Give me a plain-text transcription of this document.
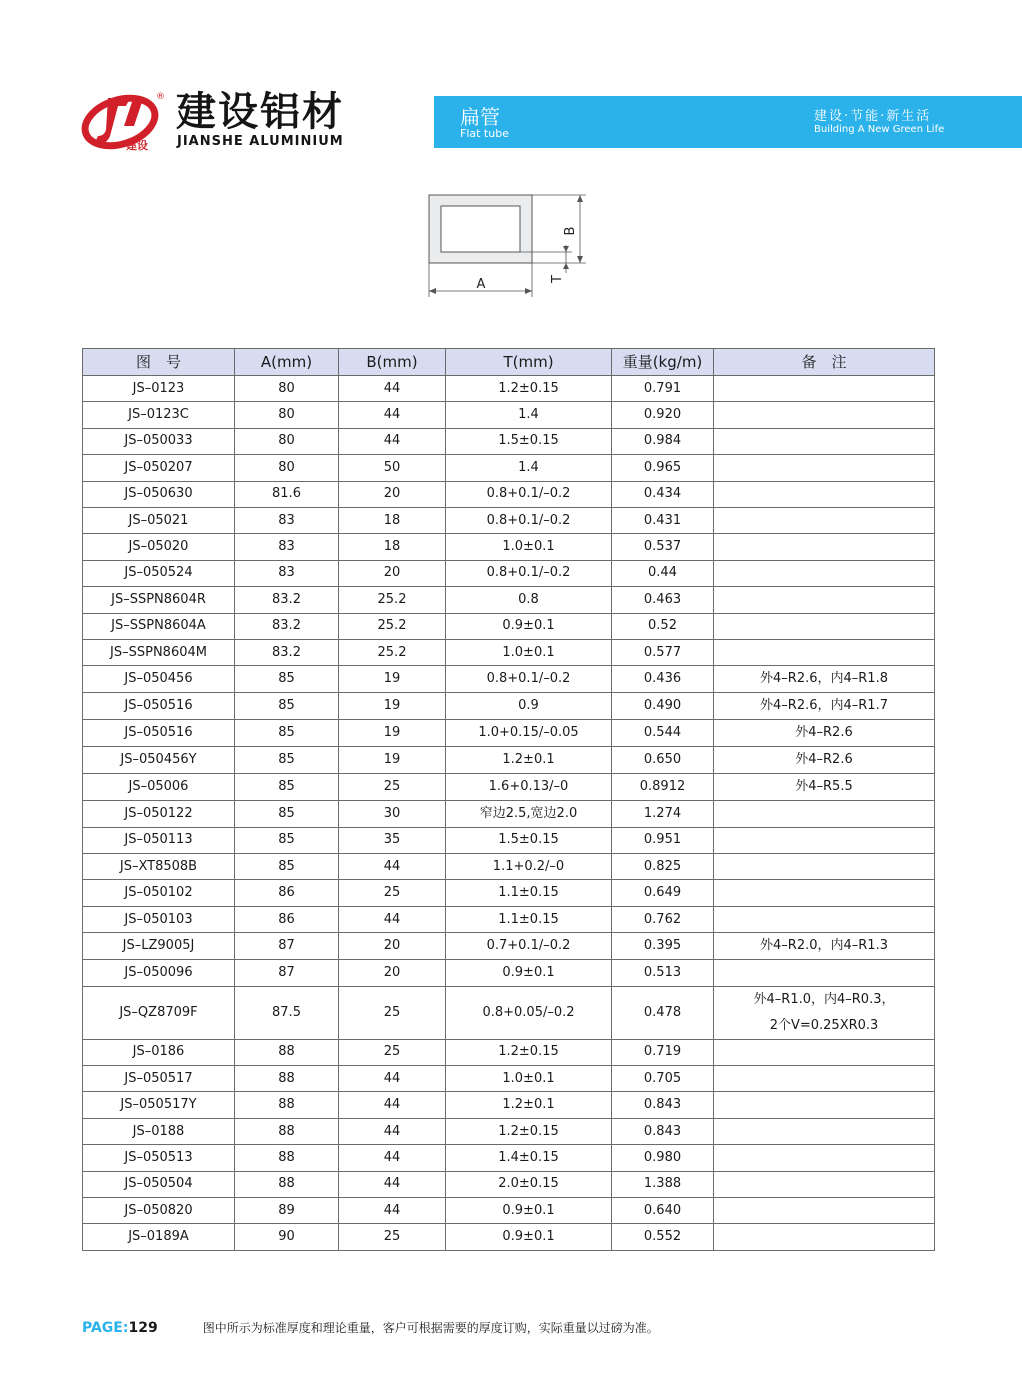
建设
® 建设铝材
JIANSHE ALUMINIUM
扁管
Flat tube
建设·节能·新生活
Building A New Green Life
B
T
A
图　号	A(mm)	B(mm)	T(mm)	重量(kg/m)	备　注
JS–0123	80	44	1.2±0.15	0.791	
JS–0123C	80	44	1.4	0.920	
JS–050033	80	44	1.5±0.15	0.984	
JS–050207	80	50	1.4	0.965	
JS–050630	81.6	20	0.8+0.1/–0.2	0.434	
JS–05021	83	18	0.8+0.1/–0.2	0.431	
JS–05020	83	18	1.0±0.1	0.537	
JS–050524	83	20	0.8+0.1/–0.2	0.44	
JS–SSPN8604R	83.2	25.2	0.8	0.463	
JS–SSPN8604A	83.2	25.2	0.9±0.1	0.52	
JS–SSPN8604M	83.2	25.2	1.0±0.1	0.577	
JS–050456	85	19	0.8+0.1/–0.2	0.436	外4–R2.6，内4–R1.8
JS–050516	85	19	0.9	0.490	外4–R2.6，内4–R1.7
JS–050516	85	19	1.0+0.15/–0.05	0.544	外4–R2.6
JS–050456Y	85	19	1.2±0.1	0.650	外4–R2.6
JS–05006	85	25	1.6+0.13/–0	0.8912	外4–R5.5
JS–050122	85	30	窄边2.5,宽边2.0	1.274	
JS–050113	85	35	1.5±0.15	0.951	
JS–XT8508B	85	44	1.1+0.2/–0	0.825	
JS–050102	86	25	1.1±0.15	0.649	
JS–050103	86	44	1.1±0.15	0.762	
JS–LZ9005J	87	20	0.7+0.1/–0.2	0.395	外4–R2.0，内4–R1.3
JS–050096	87	20	0.9±0.1	0.513	
JS–QZ8709F	87.5	25	0.8+0.05/–0.2	0.478	外4–R1.0，内4–R0.3，
2个V=0.25XR0.3
JS–0186	88	25	1.2±0.15	0.719	
JS–050517	88	44	1.0±0.1	0.705	
JS–050517Y	88	44	1.2±0.1	0.843	
JS–0188	88	44	1.2±0.15	0.843	
JS–050513	88	44	1.4±0.15	0.980	
JS–050504	88	44	2.0±0.15	1.388	
JS–050820	89	44	0.9±0.1	0.640	
JS–0189A	90	25	0.9±0.1	0.552	
PAGE:129	图中所示为标准厚度和理论重量，客户可根据需要的厚度订购，实际重量以过磅为准。
